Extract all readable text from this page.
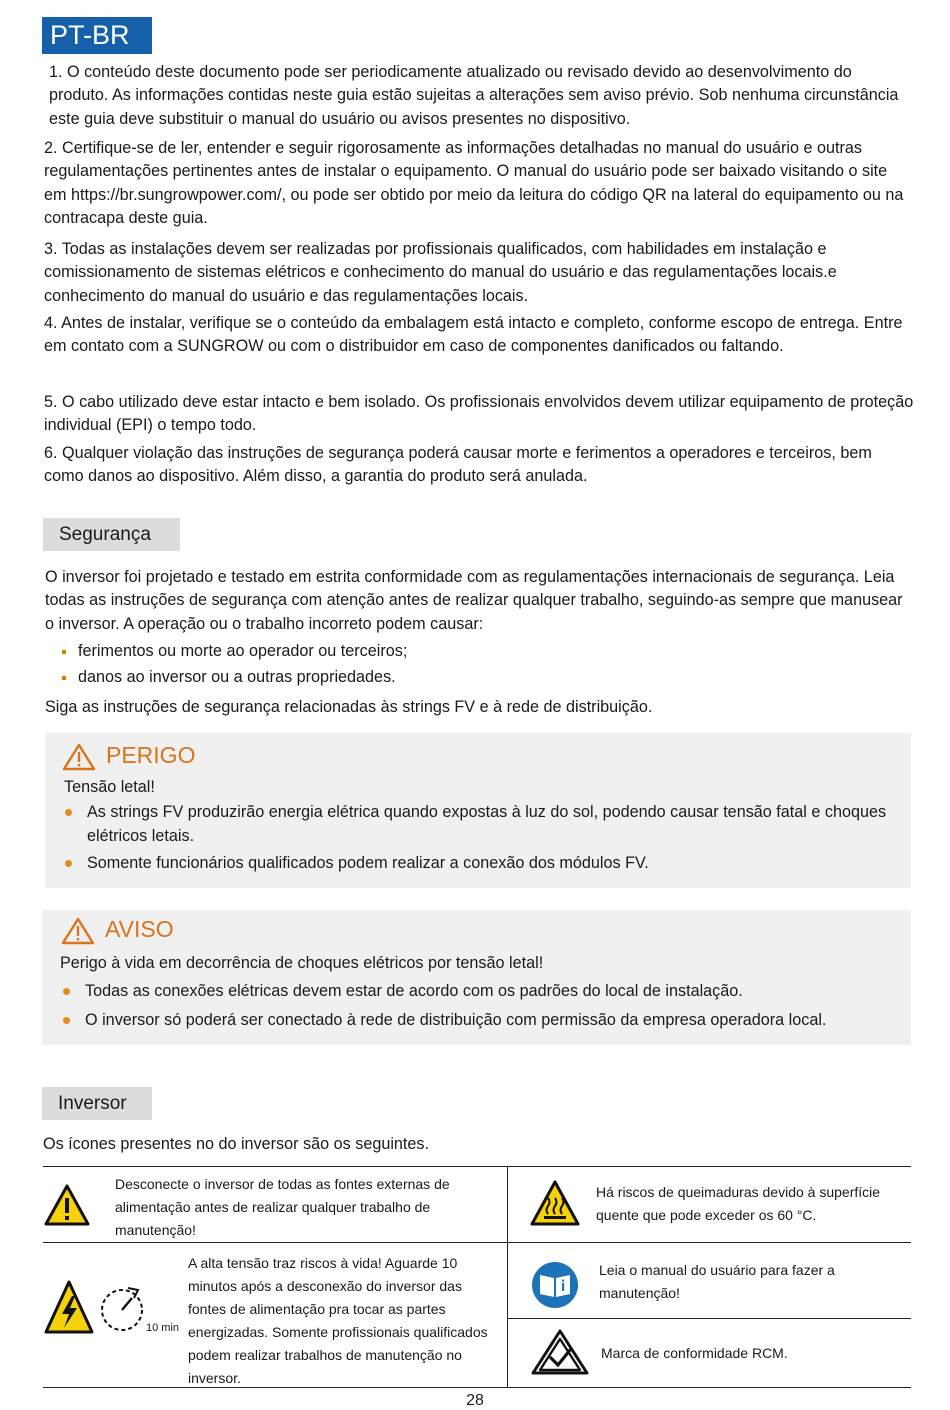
PT-BR

1. O conteúdo deste documento pode ser periodicamente atualizado ou revisado devido ao desenvolvimento do produto. As informações contidas neste guia estão sujeitas a alterações sem aviso prévio. Sob nenhuma circunstância este guia deve substituir o manual do usuário ou avisos presentes no dispositivo.

2. Certifique-se de ler, entender e seguir rigorosamente as informações detalhadas no manual do usuário e outras regulamentações pertinentes antes de instalar o equipamento. O manual do usuário pode ser baixado visitando o site em https://br.sungrowpower.com/, ou pode ser obtido por meio da leitura do código QR na lateral do equipamento ou na contracapa deste guia.

3. Todas as instalações devem ser realizadas por profissionais qualificados, com habilidades em instalação e comissionamento de sistemas elétricos e conhecimento do manual do usuário e das regulamentações locais.e conhecimento do manual do usuário e das regulamentações locais.

4. Antes de instalar, verifique se o conteúdo da embalagem está intacto e completo, conforme escopo de entrega. Entre em contato com a SUNGROW ou com o distribuidor em caso de componentes danificados ou faltando.

5. O cabo utilizado deve estar intacto e bem isolado. Os profissionais envolvidos devem utilizar equipamento de proteção individual (EPI) o tempo todo.

6. Qualquer violação das instruções de segurança poderá causar morte e ferimentos a operadores e terceiros, bem como danos ao dispositivo. Além disso, a garantia do produto será anulada.

Segurança

O inversor foi projetado e testado em estrita conformidade com as regulamentações internacionais de segurança. Leia todas as instruções de segurança com atenção antes de realizar qualquer trabalho, seguindo-as sempre que manusear o inversor. A operação ou o trabalho incorreto podem causar:

ferimentos ou morte ao operador ou terceiros;
danos ao inversor ou a outras propriedades.

Siga as instruções de segurança relacionadas às strings FV e à rede de distribuição.

PERIGO
Tensão letal!
As strings FV produzirão energia elétrica quando expostas à luz do sol, podendo causar tensão fatal e choques elétricos letais.
Somente funcionários qualificados podem realizar a conexão dos módulos FV.
AVISO
Perigo à vida em decorrência de choques elétricos por tensão letal!
Todas as conexões elétricas devem estar de acordo com os padrões do local de instalação.
O inversor só poderá ser conectado à rede de distribuição com permissão da empresa operadora local.
Inversor

Os ícones presentes no do inversor são os seguintes.

Desconecte o inversor de todas as fontes externas de alimentação antes de realizar qualquer trabalho de manutenção!
Há riscos de queimaduras devido à superfície quente que pode exceder os 60 °C.
10 min
A alta tensão traz riscos à vida! Aguarde 10 minutos após a desconexão do inversor das fontes de alimentação pra tocar as partes energizadas. Somente profissionais qualificados podem realizar trabalhos de manutenção no inversor.
Leia o manual do usuário para fazer a manutenção!
Marca de conformidade RCM.
28
